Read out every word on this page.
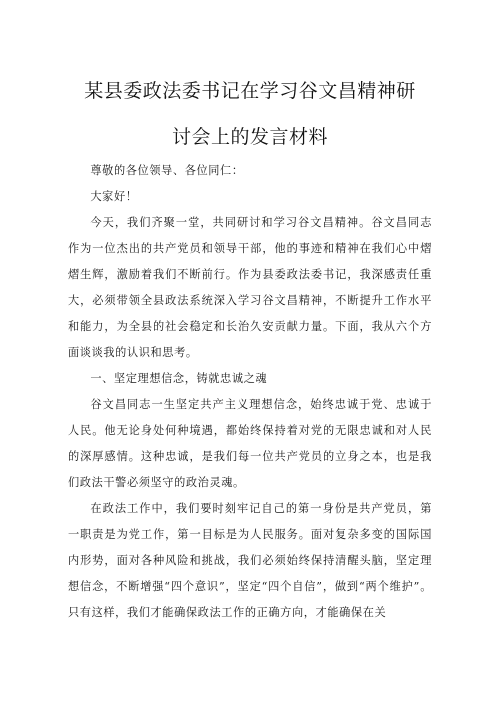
某县委政法委书记在学习谷文昌精神研
讨会上的发言材料

尊敬的各位领导、各位同仁：

大家好！

今天，我们齐聚一堂，共同研讨和学习谷文昌精神。谷文昌同志作为一位杰出的共产党员和领导干部，他的事迹和精神在我们心中熠熠生辉，激励着我们不断前行。作为县委政法委书记，我深感责任重大，必须带领全县政法系统深入学习谷文昌精神，不断提升工作水平和能力，为全县的社会稳定和长治久安贡献力量。下面，我从六个方面谈谈我的认识和思考。

一、坚定理想信念，铸就忠诚之魂

谷文昌同志一生坚定共产主义理想信念，始终忠诚于党、忠诚于人民。他无论身处何种境遇，都始终保持着对党的无限忠诚和对人民的深厚感情。这种忠诚，是我们每一位共产党员的立身之本，也是我们政法干警必须坚守的政治灵魂。

在政法工作中，我们要时刻牢记自己的第一身份是共产党员，第一职责是为党工作，第一目标是为人民服务。面对复杂多变的国际国内形势，面对各种风险和挑战，我们必须始终保持清醒头脑，坚定理想信念，不断增强“四个意识”，坚定“四个自信”，做到“两个维护”。只有这样，我们才能确保政法工作的正确方向，才能确保在关
